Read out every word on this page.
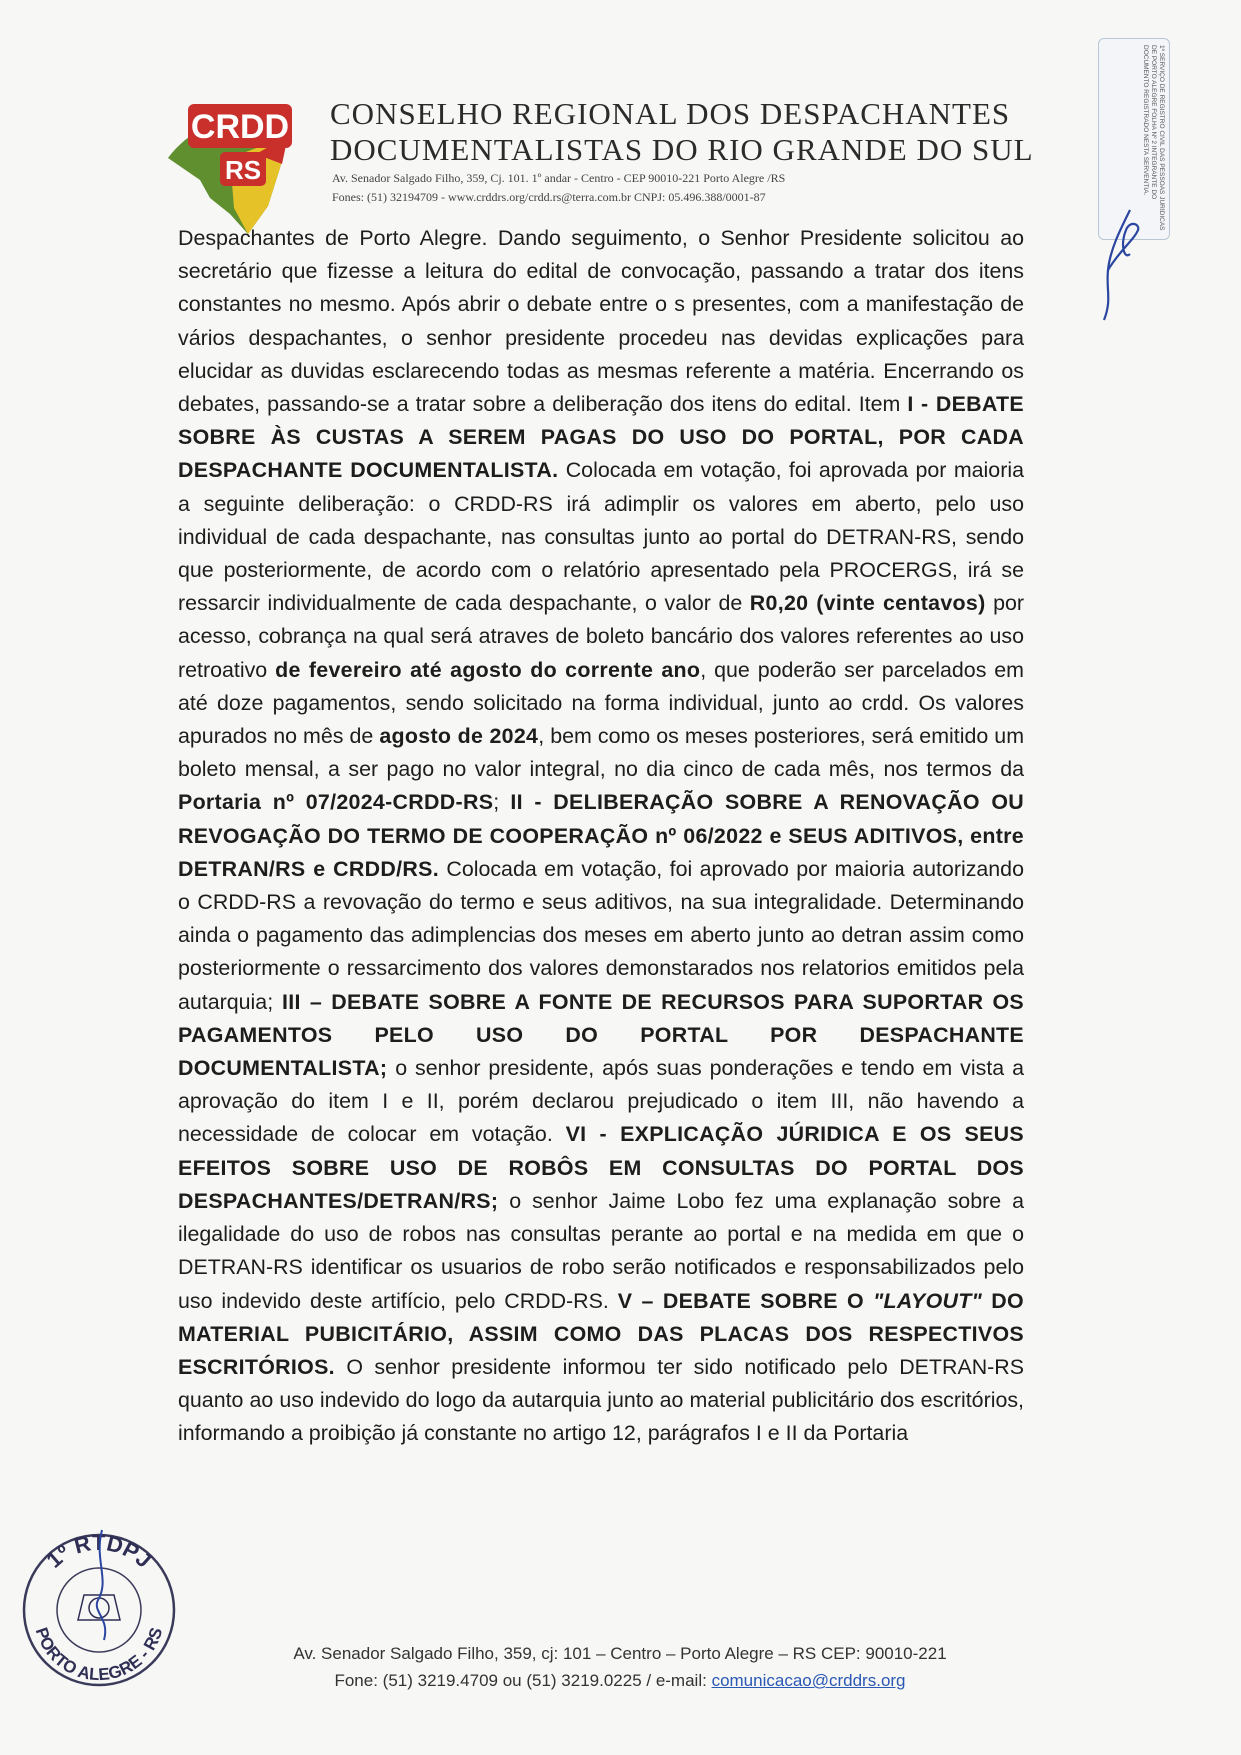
CRDD
RS

CONSELHO REGIONAL DOS DESPACHANTES

DOCUMENTALISTAS DO RIO GRANDE DO SUL

Av. Senador Salgado Filho, 359, Cj. 101. 1º andar - Centro - CEP 90010-221 Porto Alegre /RS

Fones: (51) 32194709 - www.crddrs.org/crdd.rs@terra.com.br CNPJ: 05.496.388/0001-87	1º SERVIÇO DE REGISTRO CIVIL DAS PESSOAS JURÍDICAS DE PORTO ALEGRE FOLHA Nº 2 INTEGRANTE DO DOCUMENTO REGISTRADO NESTA SERVENTIA.

Despachantes de Porto Alegre. Dando seguimento, o Senhor Presidente solicitou ao secretário que fizesse a leitura do edital de convocação, passando a tratar dos itens constantes no mesmo. Após abrir o debate entre o s presentes, com a manifestação de vários despachantes, o senhor presidente procedeu nas devidas explicações para elucidar as duvidas esclarecendo todas as mesmas referente a matéria. Encerrando os debates, passando-se a tratar sobre a deliberação dos itens do edital. Item I - DEBATE SOBRE ÀS CUSTAS A SEREM PAGAS DO USO DO PORTAL, POR CADA DESPACHANTE DOCUMENTALISTA. Colocada em votação, foi aprovada por maioria a seguinte deliberação: o CRDD-RS irá adimplir os valores em aberto, pelo uso individual de cada despachante, nas consultas junto ao portal do DETRAN-RS, sendo que posteriormente, de acordo com o relatório apresentado pela PROCERGS, irá se ressarcir individualmente de cada despachante, o valor de R0,20 (vinte centavos) por acesso, cobrança na qual será atraves de boleto bancário dos valores referentes ao uso retroativo de fevereiro até agosto do corrente ano, que poderão ser parcelados em até doze pagamentos, sendo solicitado na forma individual, junto ao crdd. Os valores apurados no mês de agosto de 2024, bem como os meses posteriores, será emitido um boleto mensal, a ser pago no valor integral, no dia cinco de cada mês, nos termos da Portaria nº 07/2024-CRDD-RS; II - DELIBERAÇÃO SOBRE A RENOVAÇÃO OU REVOGAÇÃO DO TERMO DE COOPERAÇÃO nº 06/2022 e SEUS ADITIVOS, entre DETRAN/RS e CRDD/RS. Colocada em votação, foi aprovado por maioria autorizando o CRDD-RS a revovação do termo e seus aditivos, na sua integralidade. Determinando ainda o pagamento das adimplencias dos meses em aberto junto ao detran assim como posteriormente o ressarcimento dos valores demonstarados nos relatorios emitidos pela autarquia; III – DEBATE SOBRE A FONTE DE RECURSOS PARA SUPORTAR OS PAGAMENTOS PELO USO DO PORTAL POR DESPACHANTE DOCUMENTALISTA; o senhor presidente, após suas ponderações e tendo em vista a aprovação do item I e II, porém declarou prejudicado o item III, não havendo a necessidade de colocar em votação. VI - EXPLICAÇÃO JÚRIDICA E OS SEUS EFEITOS SOBRE USO DE ROBÔS EM CONSULTAS DO PORTAL DOS DESPACHANTES/DETRAN/RS; o senhor Jaime Lobo fez uma explanação sobre a ilegalidade do uso de robos nas consultas perante ao portal e na medida em que o DETRAN-RS identificar os usuarios de robo serão notificados e responsabilizados pelo uso indevido deste artifício, pelo CRDD-RS. V – DEBATE SOBRE O "LAYOUT" DO MATERIAL PUBICITÁRIO, ASSIM COMO DAS PLACAS DOS RESPECTIVOS ESCRITÓRIOS. O senhor presidente informou ter sido notificado pelo DETRAN-RS quanto ao uso indevido do logo da autarquia junto ao material publicitário dos escritórios, informando a proibição já constante no artigo 12, parágrafos I e II da Portaria

1º RTDPJ
PORTO ALEGRE - RS

Av. Senador Salgado Filho, 359, cj: 101 – Centro – Porto Alegre – RS CEP: 90010-221

Fone: (51) 3219.4709 ou (51) 3219.0225 / e-mail: comunicacao@crddrs.org
